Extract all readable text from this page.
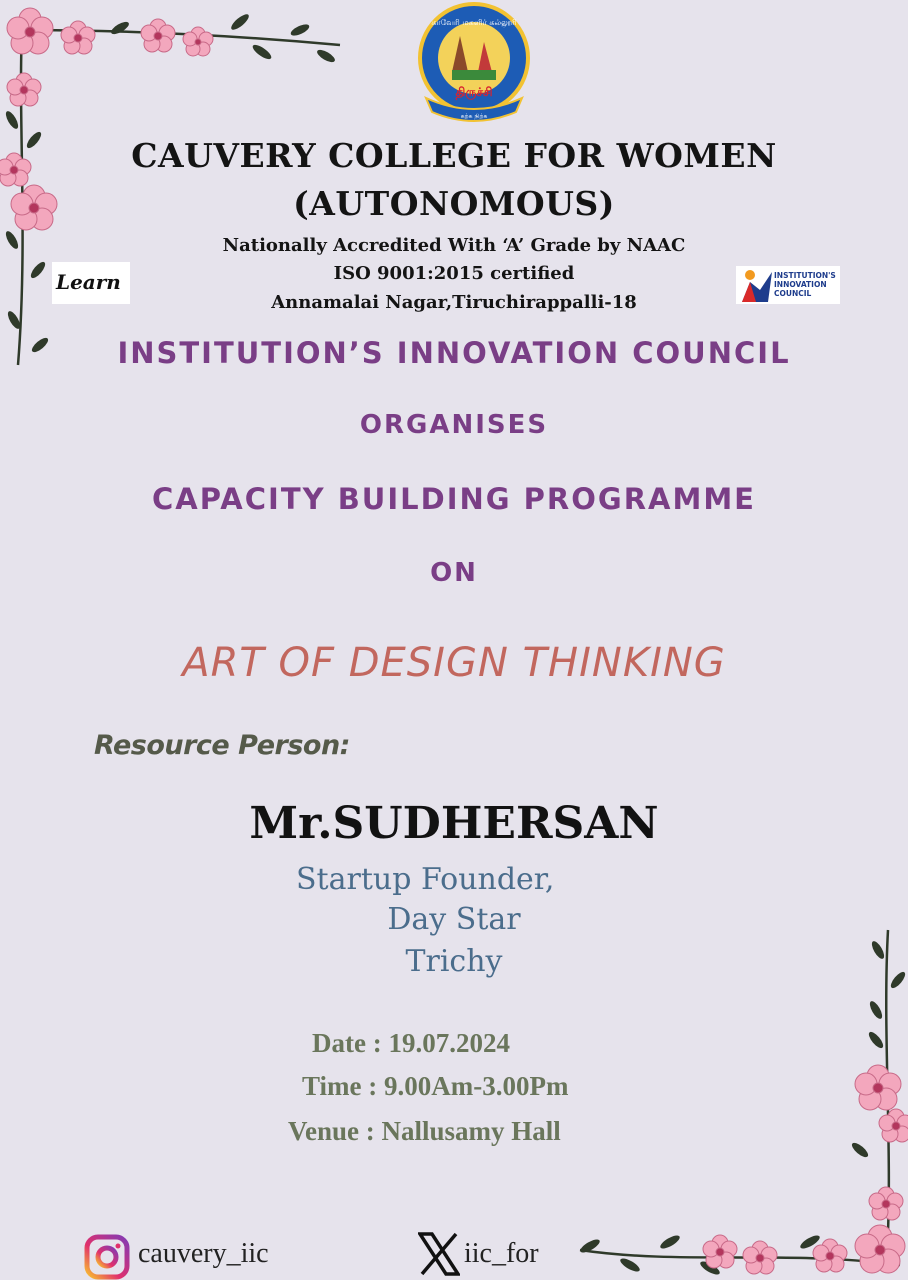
காவேரி மகளிர் கல்லூரி
திருச்சி
கற்க நிற்க
CAUVERY COLLEGE FOR WOMEN
(AUTONOMOUS)
Nationally Accredited With ‘A’ Grade by NAAC
ISO 9001:2015 certified
Annamalai Nagar,Tiruchirappalli-18
Learn	INSTITUTION'S
INNOVATION
COUNCIL
INSTITUTION’S INNOVATION COUNCIL
ORGANISES
CAPACITY BUILDING PROGRAMME
ON
ART OF DESIGN THINKING
Resource Person:
Mr.SUDHERSAN
Startup Founder,
Day Star
Trichy
Date : 19.07.2024
Time : 9.00Am-3.00Pm
Venue : Nallusamy Hall
cauvery_iic	iic_for
